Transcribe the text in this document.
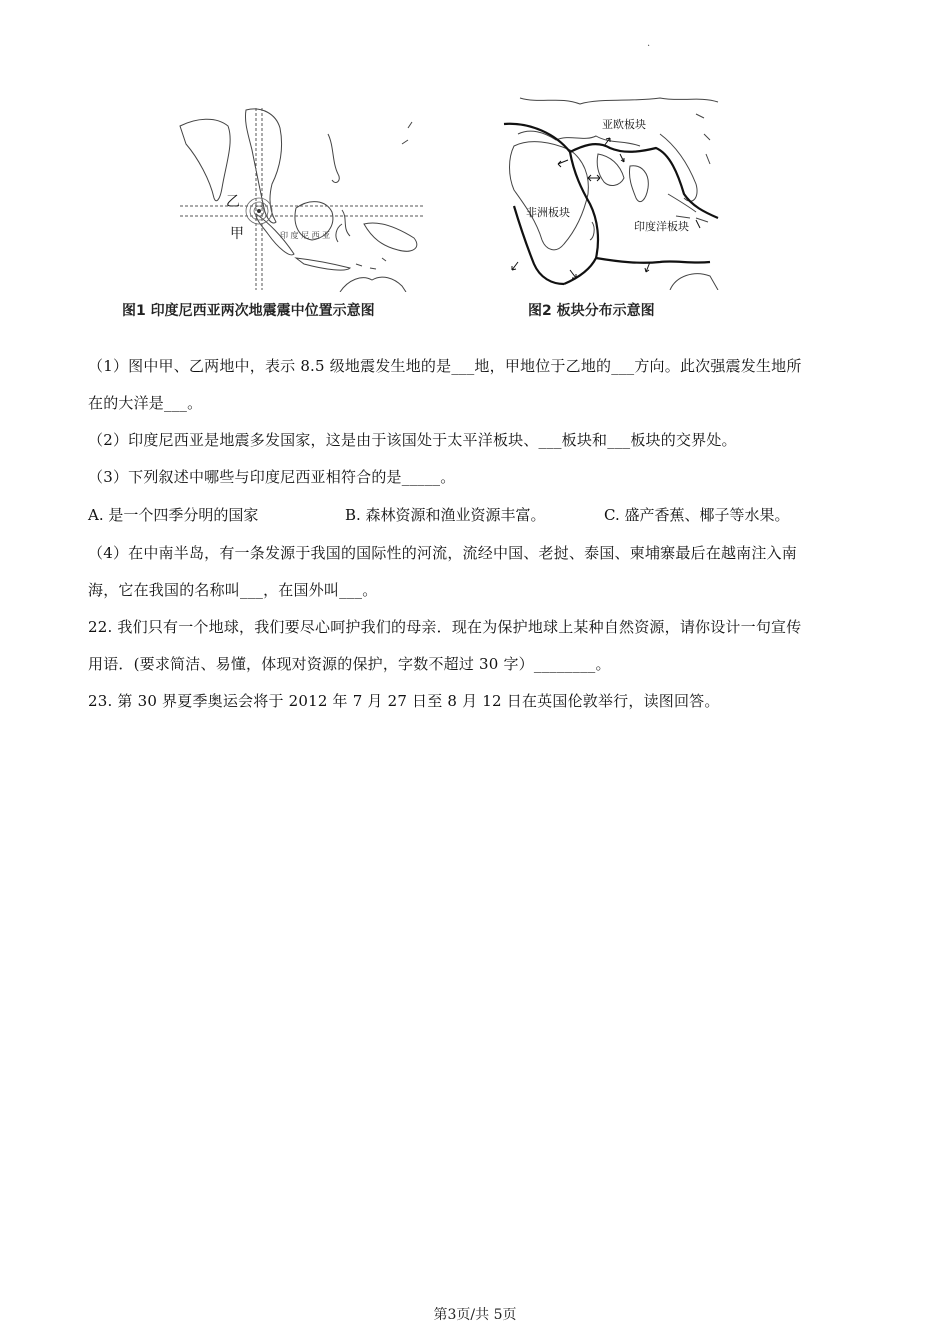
.
乙
甲	印 度 尼 西 亚
图1 印度尼西亚两次地震震中位置示意图
亚欧板块
非洲板块
印度洋板块
图2 板块分布示意图
（1）图中甲、乙两地中，表示 8.5 级地震发生地的是___地，甲地位于乙地的___方向。此次强震发生地所
在的大洋是___。
（2）印度尼西亚是地震多发国家，这是由于该国处于太平洋板块、___板块和___板块的交界处。
（3）下列叙述中哪些与印度尼西亚相符合的是_____。
A. 是一个四季分明的国家	B. 森林资源和渔业资源丰富。	C. 盛产香蕉、椰子等水果。
（4）在中南半岛，有一条发源于我国的国际性的河流，流经中国、老挝、泰国、柬埔寨最后在越南注入南
海，它在我国的名称叫___，在国外叫___。
22. 我们只有一个地球，我们要尽心呵护我们的母亲．现在为保护地球上某种自然资源，请你设计一句宣传
用语．(要求简洁、易懂，体现对资源的保护，字数不超过 30 字）________。
23. 第 30 界夏季奥运会将于 2012 年 7 月 27 日至 8 月 12 日在英国伦敦举行，读图回答。
第3页/共 5页
